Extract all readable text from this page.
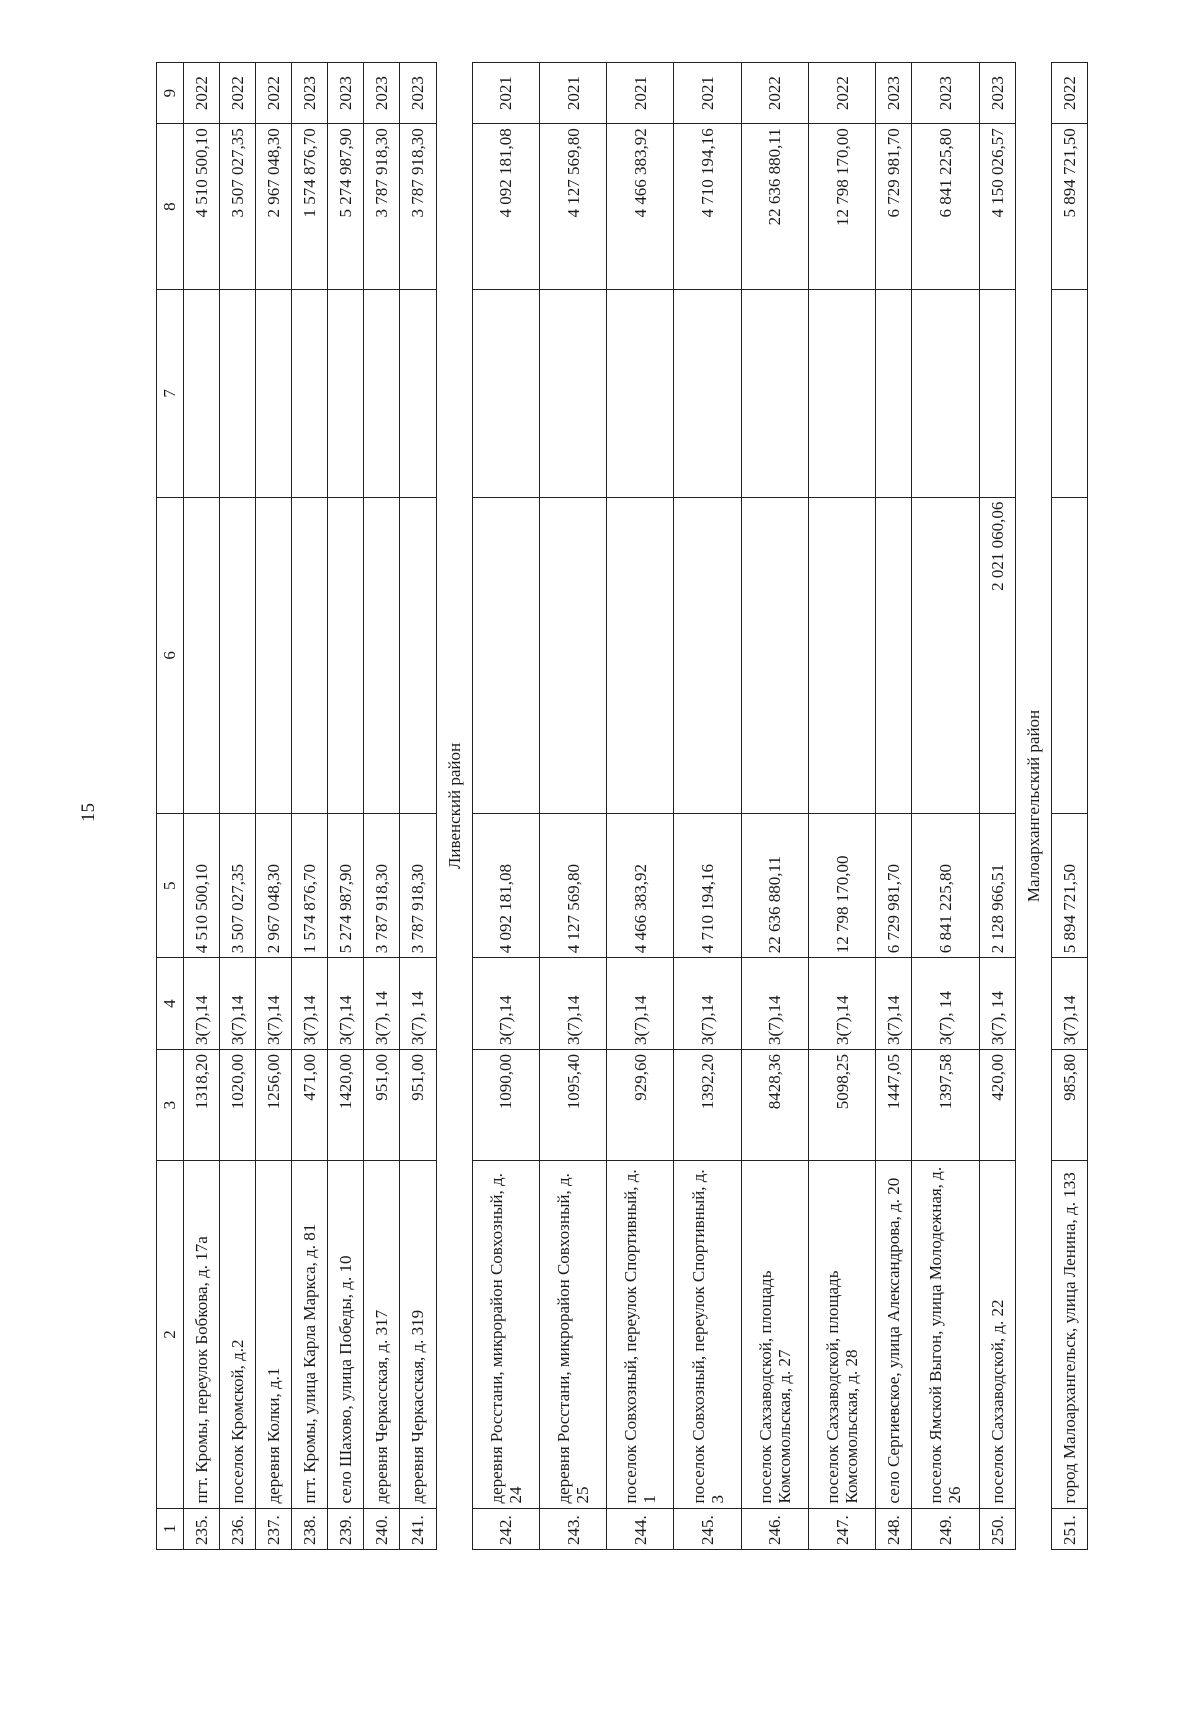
15
1	2	3	4	5	6	7	8	9
235.	пгт. Кромы, переулок Бобкова, д. 17а	1318,20	3(7),14	4 510 500,10			4 510 500,10	2022
236.	поселок Кромской, д.2	1020,00	3(7),14	3 507 027,35			3 507 027,35	2022
237.	деревня Колки, д.1	1256,00	3(7),14	2 967 048,30			2 967 048,30	2022
238.	пгт. Кромы, улица Карла Маркса, д. 81	471,00	3(7),14	1 574 876,70			1 574 876,70	2023
239.	село Шахово, улица Победы, д. 10	1420,00	3(7),14	5 274 987,90			5 274 987,90	2023
240.	деревня Черкасская, д. 317	951,00	3(7), 14	3 787 918,30			3 787 918,30	2023
241.	деревня Черкасская, д. 319	951,00	3(7), 14	3 787 918,30			3 787 918,30	2023
Ливенский район								
242.	деревня Росстани, микрорайон Совхозный, д. 24	1090,00	3(7),14	4 092 181,08			4 092 181,08	2021
243.	деревня Росстани, микрорайон Совхозный, д. 25	1095,40	3(7),14	4 127 569,80			4 127 569,80	2021
244.	поселок Совхозный, переулок Спортивный, д. 1	929,60	3(7),14	4 466 383,92			4 466 383,92	2021
245.	поселок Совхозный, переулок Спортивный, д. 3	1392,20	3(7),14	4 710 194,16			4 710 194,16	2021
246.	поселок Сахзаводской, площадь Комсомольская, д. 27	8428,36	3(7),14	22 636 880,11			22 636 880,11	2022
247.	поселок Сахзаводской, площадь Комсомольская, д. 28	5098,25	3(7),14	12 798 170,00			12 798 170,00	2022
248.	село Сергиевское, улица Александрова, д. 20	1447,05	3(7),14	6 729 981,70			6 729 981,70	2023
249.	поселок Ямской Выгон, улица Молодежная, д. 26	1397,58	3(7), 14	6 841 225,80			6 841 225,80	2023
250.	поселок Сахзаводской, д. 22	420,00	3(7), 14	2 128 966,51	2 021 060,06		4 150 026,57	2023
Малоархангельский район								
251.	город Малоархангельск, улица Ленина, д. 133	985,80	3(7),14	5 894 721,50			5 894 721,50	2022
